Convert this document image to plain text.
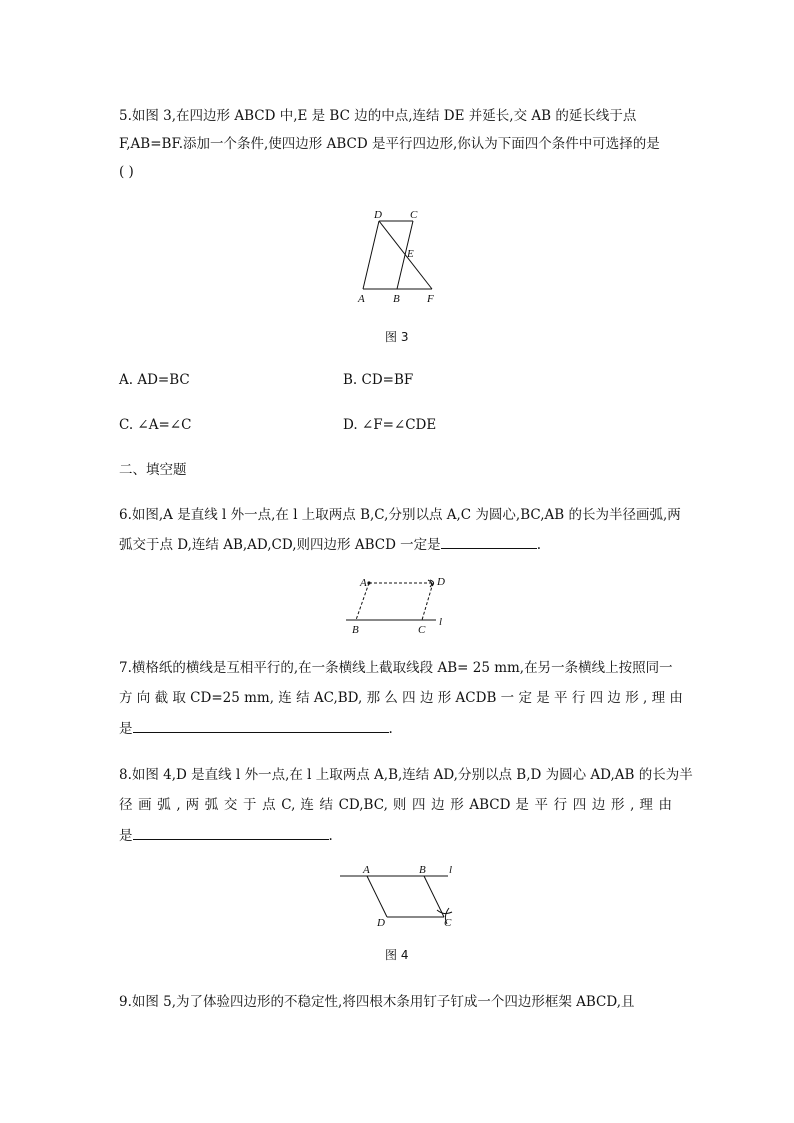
5.如图 3,在四边形 ABCD 中,E 是 BC 边的中点,连结 DE 并延长,交 AB 的延长线于点
F,AB=BF.添加一个条件,使四边形 ABCD 是平行四边形,你认为下面四个条件中可选择的是
( )
D	C
E
A	B F
图 3
A. AD=BC	B. CD=BF
C. ∠A=∠C	D. ∠F=∠CDE
二、填空题
6.如图,A 是直线 l 外一点,在 l 上取两点 B,C,分别以点 A,C 为圆心,BC,AB 的长为半径画弧,两
弧交于点 D,连结 AB,AD,CD,则四边形 ABCD 一定是	.
A	D
B	C
l
7.横格纸的横线是互相平行的,在一条横线上截取线段 AB= 25 mm,在另一条横线上按照同一
方 向 截 取 CD=25 mm, 连 结 AC,BD, 那 么 四 边 形 ACDB 一 定 是 平 行 四 边 形 , 理 由
是	.
8.如图 4,D 是直线 l 外一点,在 l 上取两点 A,B,连结 AD,分别以点 B,D 为圆心 AD,AB 的长为半
径 画 弧 , 两 弧 交 于 点 C, 连 结 CD,BC, 则 四 边 形 ABCD 是 平 行 四 边 形 , 理 由
是	.
A	B l
D	C
图 4
9.如图 5,为了体验四边形的不稳定性,将四根木条用钉子钉成一个四边形框架 ABCD,且
